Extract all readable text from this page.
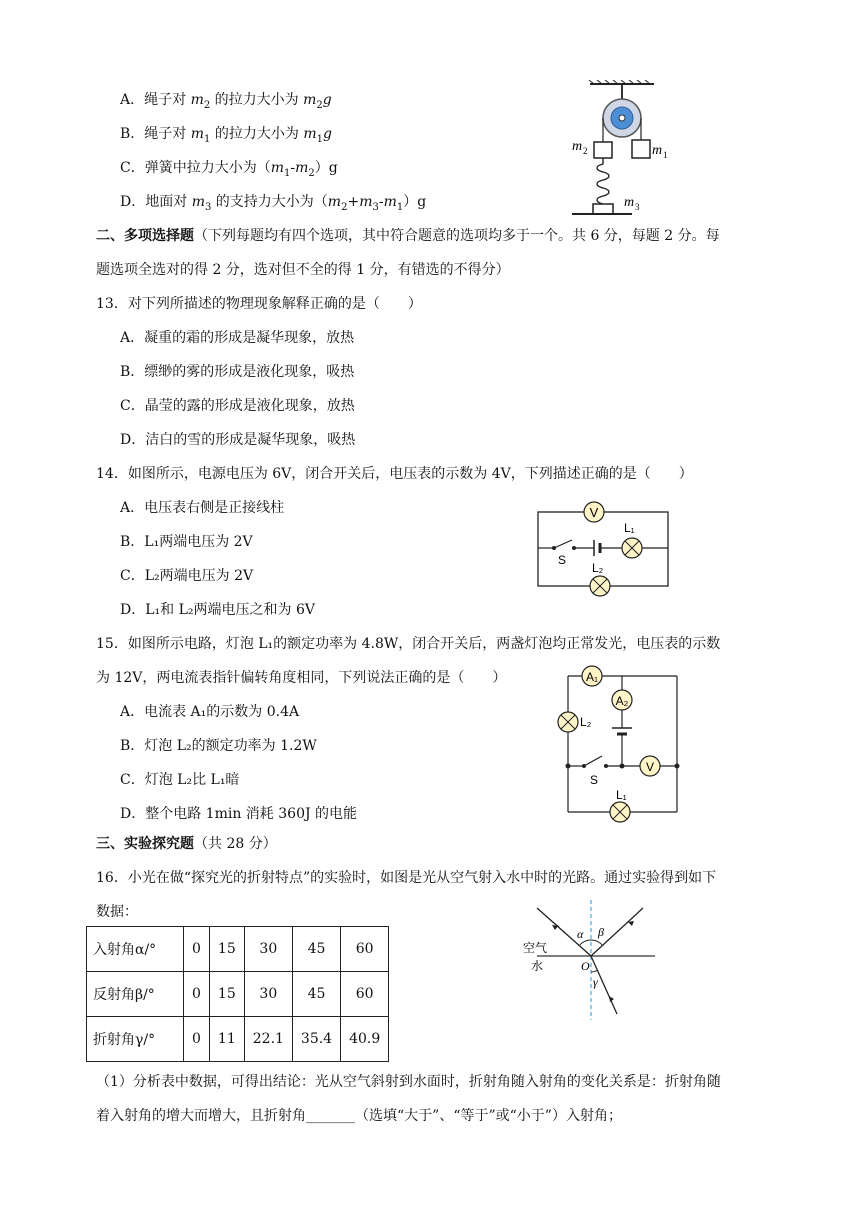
A．绳子对 $m_2$ 的拉力大小为 $m_2g$
B．绳子对 $m_1$ 的拉力大小为 $m_1g$
C．弹簧中拉力大小为$(m_1-m_2)g$
D．地面对 $m_3$ 的支持力大小为$(m_2+m_3-m_1)g$
m 2	m 1
m 3
二、多项选择题（下列每题均有四个选项，其中符合题意的选项均多于一个。共 6 分，每题 2 分。每
题选项全选对的得 2 分，选对但不全的得 1 分，有错选的不得分）
13．对下列所描述的物理现象解释正确的是（　　）
A．凝重的霜的形成是凝华现象，放热
B．缥缈的雾的形成是液化现象，吸热
C．晶莹的露的形成是液化现象，放热
D．洁白的雪的形成是凝华现象，吸热
14．如图所示，电源电压为 6V，闭合开关后，电压表的示数为 4V，下列描述正确的是（　　）
A．电压表右侧是正接线柱
B．L₁两端电压为 2V
C．L₂两端电压为 2V
D．L₁和 L₂两端电压之和为 6V
V
L₁
S
L₂
15．如图所示电路，灯泡 L₁的额定功率为 4.8W，闭合开关后，两盏灯泡均正常发光，电压表的示数
为 12V，两电流表指针偏转角度相同，下列说法正确的是（　　）
A．电流表 A₁的示数为 0.4A
B．灯泡 L₂的额定功率为 1.2W
C．灯泡 L₂比 L₁暗
D．整个电路 1min 消耗 360J 的电能
A₁
L₂
A₂
V
S
L₁
三、实验探究题（共 28 分）
16．小光在做“探究光的折射特点”的实验时，如图是光从空气射入水中时的光路。通过实验得到如下
数据：
入射角α/°	0	15	30	45	60
反射角β/°	0	15	30	45	60
折射角γ/°	0	11	22.1	35.4	40.9
α β
γ
O
空气
水
（1）分析表中数据，可得出结论：光从空气斜射到水面时，折射角随入射角的变化关系是：折射角随
着入射角的增大而增大，且折射角_______（选填“大于”、“等于”或“小于”）入射角；
